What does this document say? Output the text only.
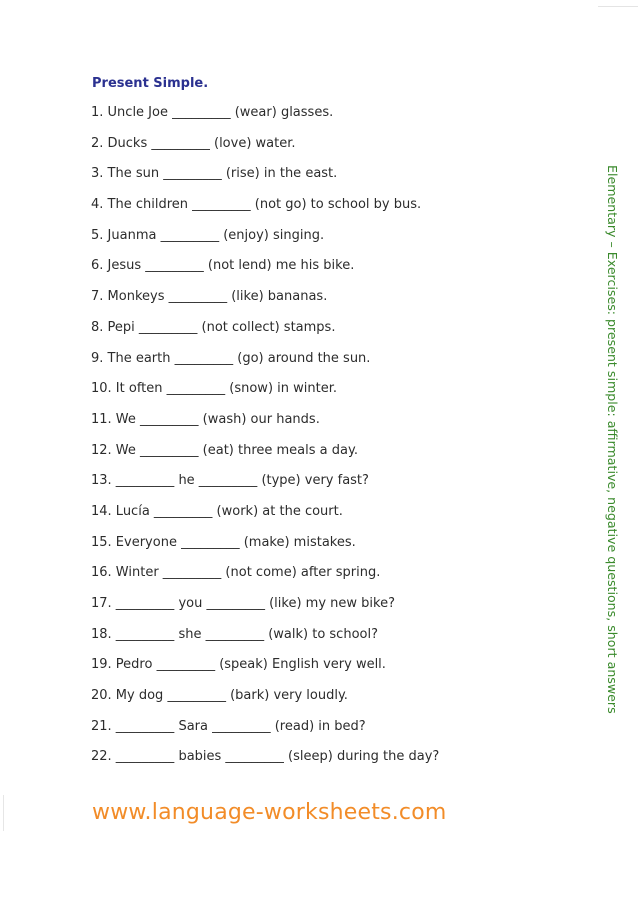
Present Simple.
1. Uncle Joe _________ (wear) glasses.
2. Ducks _________ (love) water.
3. The sun _________ (rise) in the east.
4. The children _________ (not go) to school by bus.
5. Juanma _________ (enjoy) singing.
6. Jesus _________ (not lend) me his bike.
7. Monkeys _________ (like) bananas.
8. Pepi _________ (not collect) stamps.
9. The earth _________ (go) around the sun.
10. It often _________ (snow) in winter.
11. We _________ (wash) our hands.
12. We _________ (eat) three meals a day.
13. _________ he _________ (type) very fast?
14. Lucía _________ (work) at the court.
15. Everyone _________ (make) mistakes.
16. Winter _________ (not come) after spring.
17. _________ you _________ (like) my new bike?
18. _________ she _________ (walk) to school?
19. Pedro _________ (speak) English very well.
20. My dog _________ (bark) very loudly.
21. _________ Sara _________ (read) in bed?
22. _________ babies _________ (sleep) during the day?
Elementary – Exercises: present simple: affirmative, negative questions, short answers
www.language-worksheets.com
